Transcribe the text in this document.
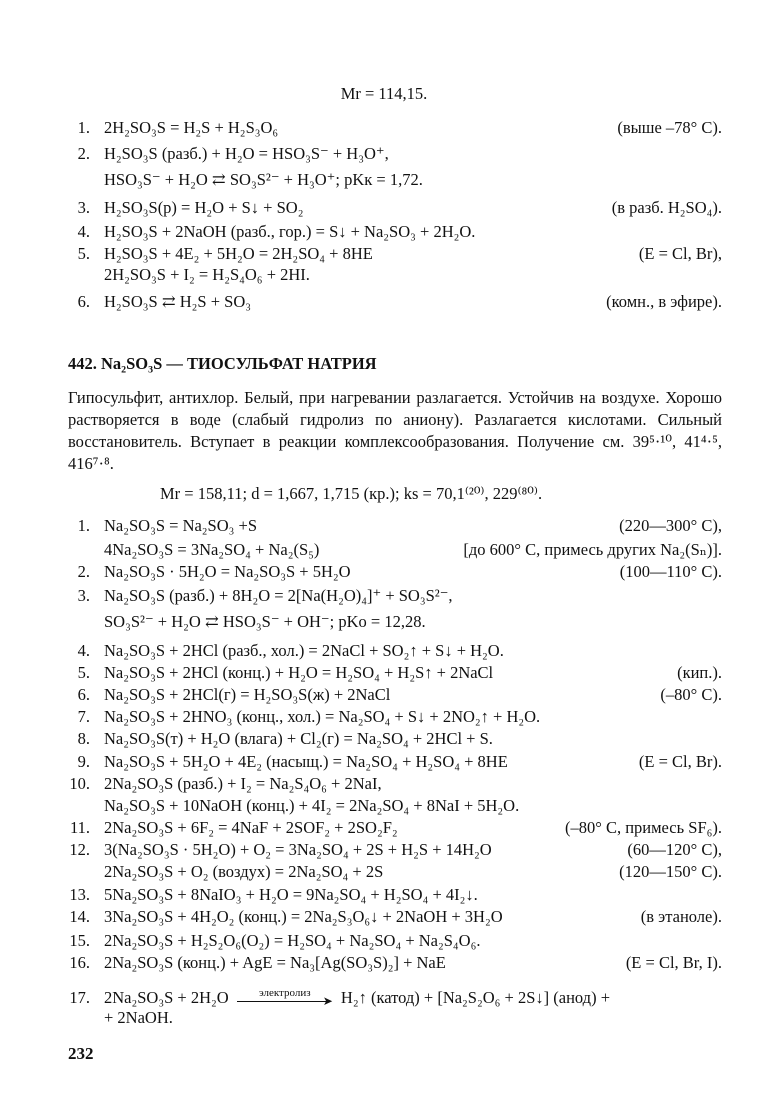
Mr = 114,15.
1. 2H₂SO₃S = H₂S + H₂S₃O₆	(выше –78° C).
2. H₂SO₃S (разб.) + H₂O = HSO₃S⁻ + H₃O⁺,
HSO₃S⁻ + H₂O ⇄ SO₃S²⁻ + H₃O⁺; pKк = 1,72.
3. H₂SO₃S(р) = H₂O + S↓ + SO₂	(в разб. H₂SO₄).
4. H₂SO₃S + 2NaOH (разб., гор.) = S↓ + Na₂SO₃ + 2H₂O.
5. H₂SO₃S + 4E₂ + 5H₂O = 2H₂SO₄ + 8HE	(E = Cl, Br),
2H₂SO₃S + I₂ = H₂S₄O₆ + 2HI.
6. H₂SO₃S ⇄ H₂S + SO₃	(комн., в эфире).
442. Na₂SO₃S — ТИОСУЛЬФАТ НАТРИЯ
Гипосульфит, антихлор. Белый, при нагревании разлагается. Устойчив на воздухе. Хорошо растворяется в воде (слабый гидролиз по аниону). Разлагается кислотами. Сильный восстановитель. Вступает в реакции комплексообразования. Получение см. 39⁵·¹⁰, 41⁴·⁵, 416⁷·⁸.
Mr = 158,11; d = 1,667, 1,715 (кр.); ks = 70,1⁽²⁰⁾, 229⁽⁸⁰⁾.
1. Na₂SO₃S = Na₂SO₃ +S	(220—300° C),
4Na₂SO₃S = 3Na₂SO₄ + Na₂(S₅)	[до 600° C, примесь других Na₂(Sₙ)].
2. Na₂SO₃S · 5H₂O = Na₂SO₃S + 5H₂O	(100—110° C).
3. Na₂SO₃S (разб.) + 8H₂O = 2[Na(H₂O)₄]⁺ + SO₃S²⁻,
SO₃S²⁻ + H₂O ⇄ HSO₃S⁻ + OH⁻; pKо = 12,28.
4. Na₂SO₃S + 2HCl (разб., хол.) = 2NaCl + SO₂↑ + S↓ + H₂O.
5. Na₂SO₃S + 2HCl (конц.) + H₂O = H₂SO₄ + H₂S↑ + 2NaCl	(кип.).
6. Na₂SO₃S + 2HCl(г) = H₂SO₃S(ж) + 2NaCl	(–80° C).
7. Na₂SO₃S + 2HNO₃ (конц., хол.) = Na₂SO₄ + S↓ + 2NO₂↑ + H₂O.
8. Na₂SO₃S(т) + H₂O (влага) + Cl₂(г) = Na₂SO₄ + 2HCl + S.
9. Na₂SO₃S + 5H₂O + 4E₂ (насыщ.) = Na₂SO₄ + H₂SO₄ + 8HE	(E = Cl, Br).
10. 2Na₂SO₃S (разб.) + I₂ = Na₂S₄O₆ + 2NaI,
Na₂SO₃S + 10NaOH (конц.) + 4I₂ = 2Na₂SO₄ + 8NaI + 5H₂O.
11. 2Na₂SO₃S + 6F₂ = 4NaF + 2SOF₂ + 2SO₂F₂	(–80° C, примесь SF₆).
12. 3(Na₂SO₃S · 5H₂O) + O₂ = 3Na₂SO₄ + 2S + H₂S + 14H₂O	(60—120° C),
2Na₂SO₃S + O₂ (воздух) = 2Na₂SO₄ + 2S	(120—150° C).
13. 5Na₂SO₃S + 8NaIO₃ + H₂O = 9Na₂SO₄ + H₂SO₄ + 4I₂↓.
14. 3Na₂SO₃S + 4H₂O₂ (конц.) = 2Na₂S₃O₆↓ + 2NaOH + 3H₂O	(в этаноле).
15. 2Na₂SO₃S + H₂S₂O₆(O₂) = H₂SO₄ + Na₂SO₄ + Na₂S₄O₆.
16. 2Na₂SO₃S (конц.) + AgE = Na₃[Ag(SO₃S)₂] + NaE	(E = Cl, Br, I).
17. 2Na₂SO₃S + 2H₂O	электролиз
➤ H₂↑ (катод) + [Na₂S₂O₆ + 2S↓] (анод) +
+ 2NaOH.
232
